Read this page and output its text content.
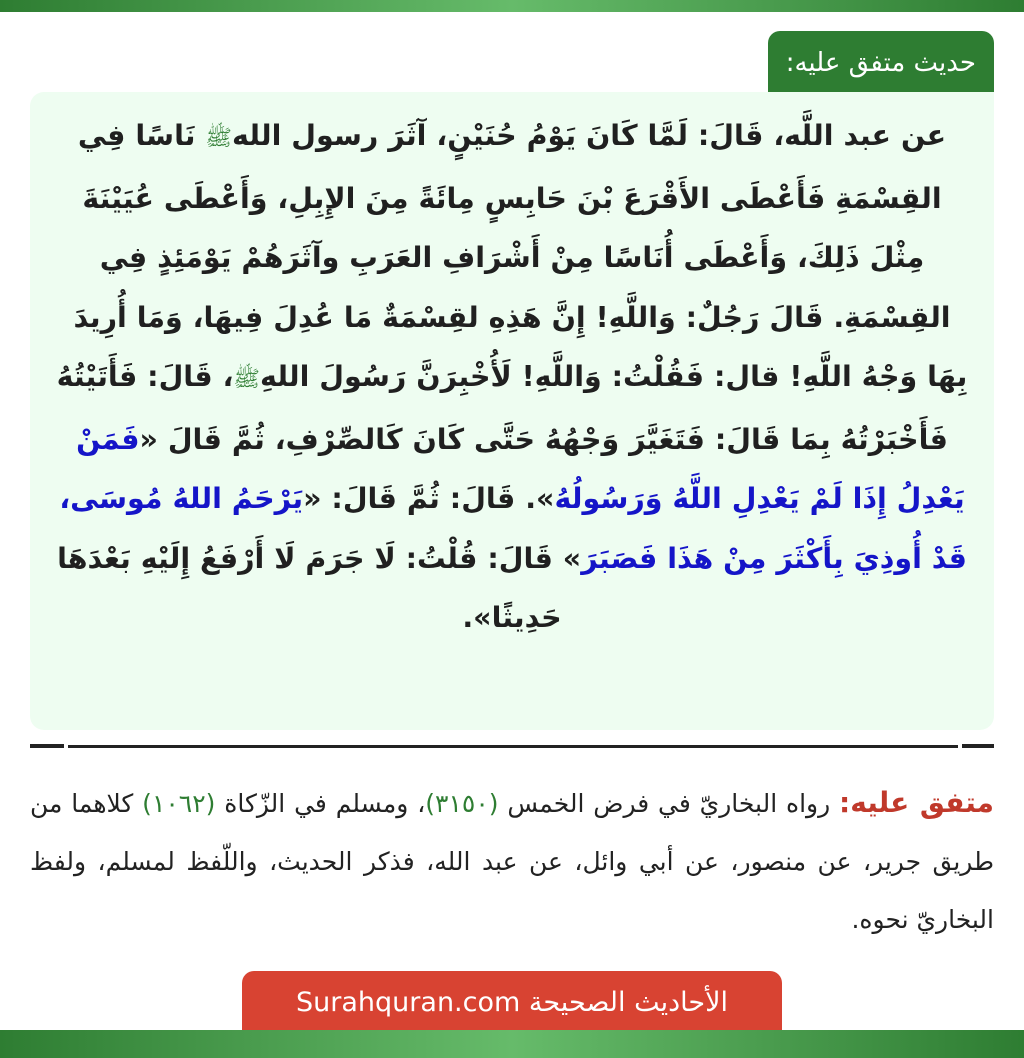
حديث متفق عليه:

عن عبد اللَّه، قَالَ: لَمَّا كَانَ يَوْمُ حُنَيْنٍ، آثَرَ رسول اللهﷺ نَاسًا فِي القِسْمَةِ فَأَعْطَى الأَقْرَعَ بْنَ حَابِسٍ مِائَةً مِنَ الإِبِلِ، وَأَعْطَى عُيَيْنَةَ مِثْلَ ذَلِكَ، وَأَعْطَى أُنَاسًا مِنْ أَشْرَافِ العَرَبِ وآثَرَهُمْ يَوْمَئِذٍ فِي القِسْمَةِ. قَالَ رَجُلٌ: وَاللَّهِ! إِنَّ هَذِهِ لقِسْمَةٌ مَا عُدِلَ فِيهَا، وَمَا أُرِيدَ بِهَا وَجْهُ اللَّهِ! قال: فَقُلْتُ: وَاللَّهِ! لَأُخْبِرَنَّ رَسُولَ اللهِﷺ، قَالَ: فَأَتَيْتُهُ فَأَخْبَرْتُهُ بِمَا قَالَ: فَتَغَيَّرَ وَجْهُهُ حَتَّى كَانَ كَالصِّرْفِ، ثُمَّ قَالَ «فَمَنْ يَعْدِلُ إِذَا لَمْ يَعْدِلِ اللَّهُ وَرَسُولُهُ». قَالَ: ثُمَّ قَالَ: «يَرْحَمُ اللهُ مُوسَى، قَدْ أُوذِيَ بِأَكْثَرَ مِنْ هَذَا فَصَبَرَ» قَالَ: قُلْتُ: لَا جَرَمَ لَا أَرْفَعُ إِلَيْهِ بَعْدَهَا حَدِيثًا».

متفق عليه: رواه البخاريّ في فرض الخمس (٣١٥٠)، ومسلم في الزّكاة (١٠٦٢) كلاهما من طريق جرير، عن منصور، عن أبي وائل، عن عبد الله، فذكر الحديث، واللّفظ لمسلم، ولفظ البخاريّ نحوه.

الأحاديث الصحيحة Surahquran.com
